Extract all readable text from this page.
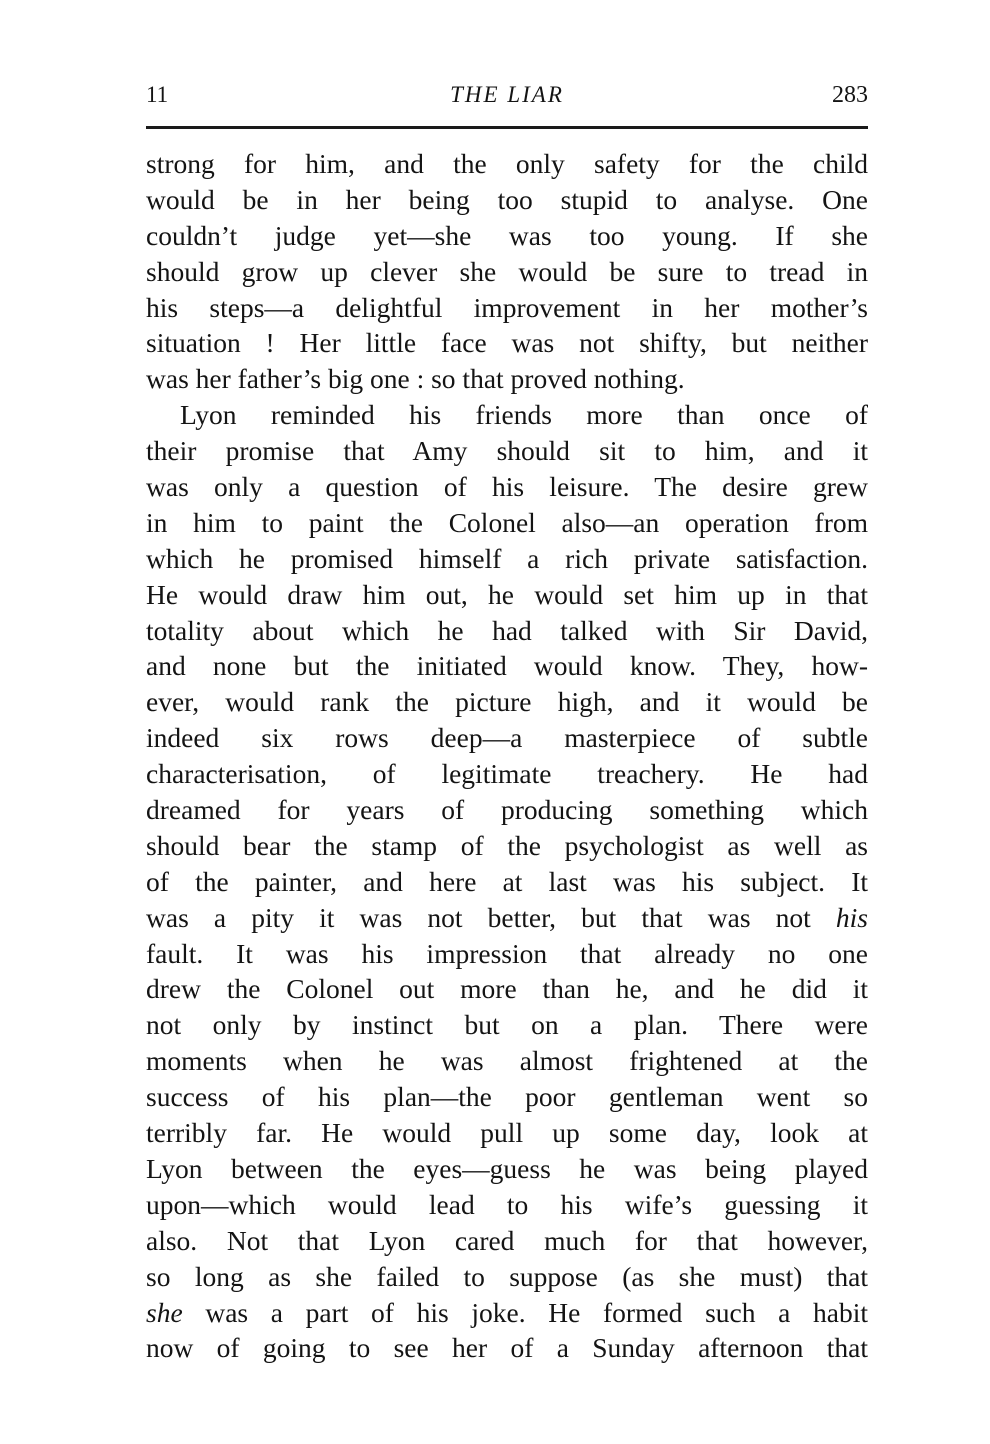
11	THE LIAR	283
strong for him, and the only safety for the child
would be in her being too stupid to analyse. One
couldn’t judge yet—she was too young. If she
should grow up clever she would be sure to tread in
his steps—a delightful improvement in her mother’s
situation ! Her little face was not shifty, but neither
was her father’s big one : so that proved nothing.
Lyon reminded his friends more than once of
their promise that Amy should sit to him, and it
was only a question of his leisure. The desire grew
in him to paint the Colonel also—an operation from
which he promised himself a rich private satisfaction.
He would draw him out, he would set him up in that
totality about which he had talked with Sir David,
and none but the initiated would know. They, how-
ever, would rank the picture high, and it would be
indeed six rows deep—a masterpiece of subtle
characterisation, of legitimate treachery. He had
dreamed for years of producing something which
should bear the stamp of the psychologist as well as
of the painter, and here at last was his subject. It
was a pity it was not better, but that was not his
fault. It was his impression that already no one
drew the Colonel out more than he, and he did it
not only by instinct but on a plan. There were
moments when he was almost frightened at the
success of his plan—the poor gentleman went so
terribly far. He would pull up some day, look at
Lyon between the eyes—guess he was being played
upon—which would lead to his wife’s guessing it
also. Not that Lyon cared much for that however,
so long as she failed to suppose (as she must) that
she was a part of his joke. He formed such a habit
now of going to see her of a Sunday afternoon that
